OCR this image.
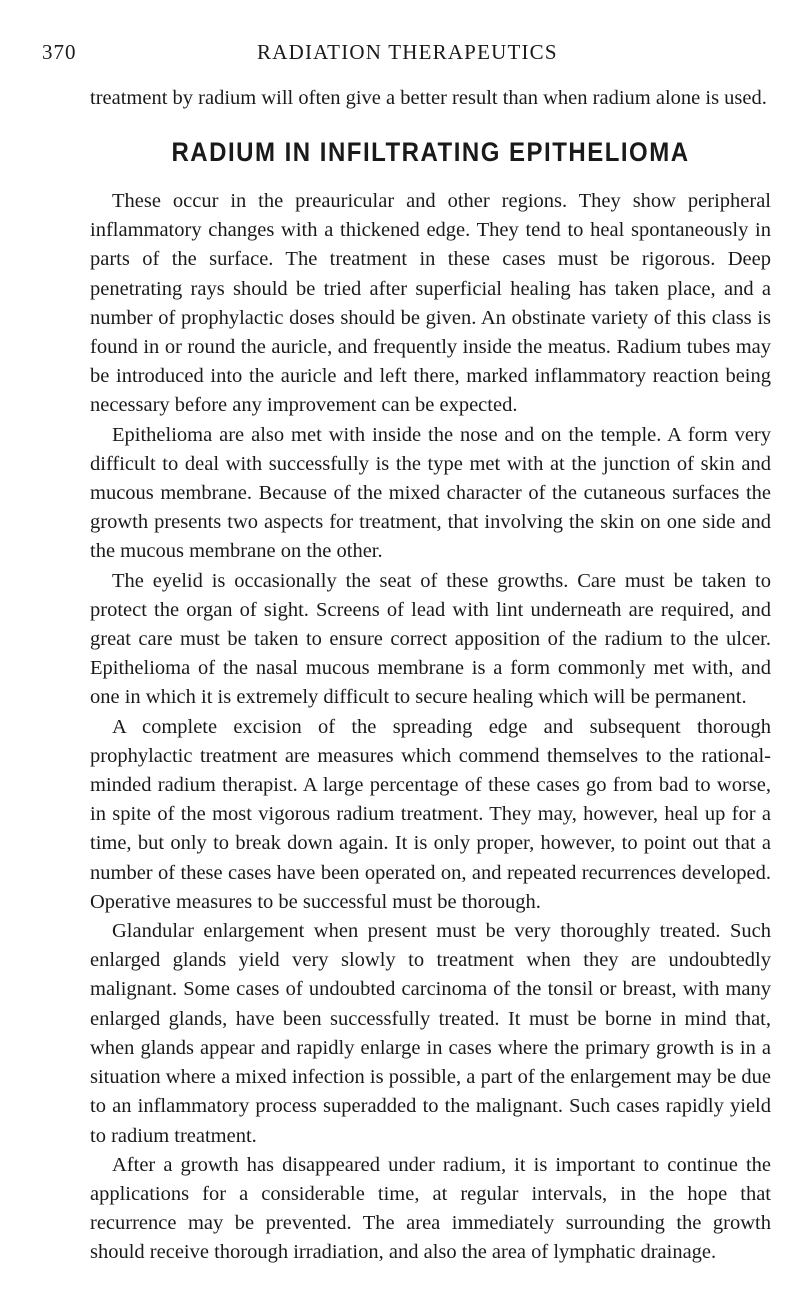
370	RADIATION THERAPEUTICS

treatment by radium will often give a better result than when radium alone is used.

RADIUM IN INFILTRATING EPITHELIOMA

These occur in the preauricular and other regions. They show peripheral inflammatory changes with a thickened edge. They tend to heal spontaneously in parts of the surface. The treatment in these cases must be rigorous. Deep penetrating rays should be tried after superficial healing has taken place, and a number of prophylactic doses should be given. An obstinate variety of this class is found in or round the auricle, and frequently inside the meatus. Radium tubes may be introduced into the auricle and left there, marked inflammatory reaction being necessary before any improvement can be expected.

Epithelioma are also met with inside the nose and on the temple. A form very difficult to deal with successfully is the type met with at the junction of skin and mucous membrane. Because of the mixed character of the cutaneous surfaces the growth presents two aspects for treatment, that involving the skin on one side and the mucous membrane on the other.

The eyelid is occasionally the seat of these growths. Care must be taken to protect the organ of sight. Screens of lead with lint underneath are required, and great care must be taken to ensure correct apposition of the radium to the ulcer. Epithelioma of the nasal mucous membrane is a form commonly met with, and one in which it is extremely difficult to secure healing which will be permanent.

A complete excision of the spreading edge and subsequent thorough prophylactic treatment are measures which commend themselves to the rational-minded radium therapist. A large percentage of these cases go from bad to worse, in spite of the most vigorous radium treatment. They may, however, heal up for a time, but only to break down again. It is only proper, however, to point out that a number of these cases have been operated on, and repeated recurrences developed. Operative measures to be successful must be thorough.

Glandular enlargement when present must be very thoroughly treated. Such enlarged glands yield very slowly to treatment when they are undoubtedly malignant. Some cases of undoubted carcinoma of the tonsil or breast, with many enlarged glands, have been successfully treated. It must be borne in mind that, when glands appear and rapidly enlarge in cases where the primary growth is in a situation where a mixed infection is possible, a part of the enlargement may be due to an inflammatory process superadded to the malignant. Such cases rapidly yield to radium treatment.

After a growth has disappeared under radium, it is important to continue the applications for a considerable time, at regular intervals, in the hope that recurrence may be prevented. The area immediately surrounding the growth should receive thorough irradiation, and also the area of lymphatic drainage.
